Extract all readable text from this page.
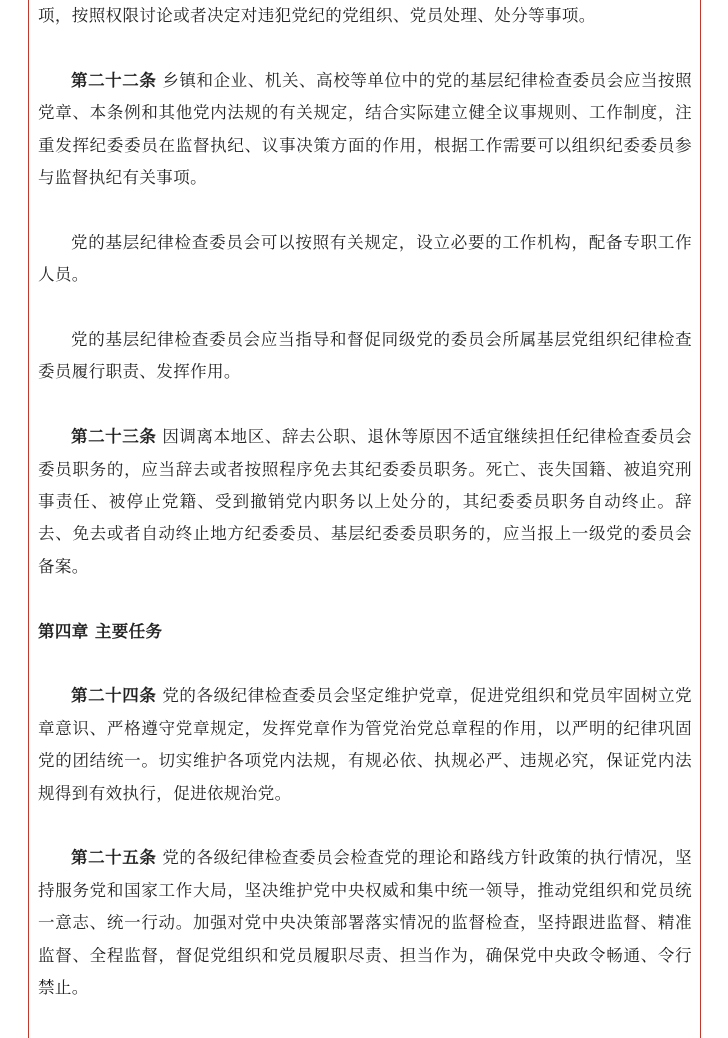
项，按照权限讨论或者决定对违犯党纪的党组织、党员处理、处分等事项。

第二十二条 乡镇和企业、机关、高校等单位中的党的基层纪律检查委员会应当按照党章、本条例和其他党内法规的有关规定，结合实际建立健全议事规则、工作制度，注重发挥纪委委员在监督执纪、议事决策方面的作用，根据工作需要可以组织纪委委员参与监督执纪有关事项。

党的基层纪律检查委员会可以按照有关规定，设立必要的工作机构，配备专职工作人员。

党的基层纪律检查委员会应当指导和督促同级党的委员会所属基层党组织纪律检查委员履行职责、发挥作用。

第二十三条 因调离本地区、辞去公职、退休等原因不适宜继续担任纪律检查委员会委员职务的，应当辞去或者按照程序免去其纪委委员职务。死亡、丧失国籍、被追究刑事责任、被停止党籍、受到撤销党内职务以上处分的，其纪委委员职务自动终止。辞去、免去或者自动终止地方纪委委员、基层纪委委员职务的，应当报上一级党的委员会备案。

第四章 主要任务

第二十四条 党的各级纪律检查委员会坚定维护党章，促进党组织和党员牢固树立党章意识、严格遵守党章规定，发挥党章作为管党治党总章程的作用，以严明的纪律巩固党的团结统一。切实维护各项党内法规，有规必依、执规必严、违规必究，保证党内法规得到有效执行，促进依规治党。

第二十五条 党的各级纪律检查委员会检查党的理论和路线方针政策的执行情况，坚持服务党和国家工作大局，坚决维护党中央权威和集中统一领导，推动党组织和党员统一意志、统一行动。加强对党中央决策部署落实情况的监督检查，坚持跟进监督、精准监督、全程监督，督促党组织和党员履职尽责、担当作为，确保党中央政令畅通、令行禁止。
